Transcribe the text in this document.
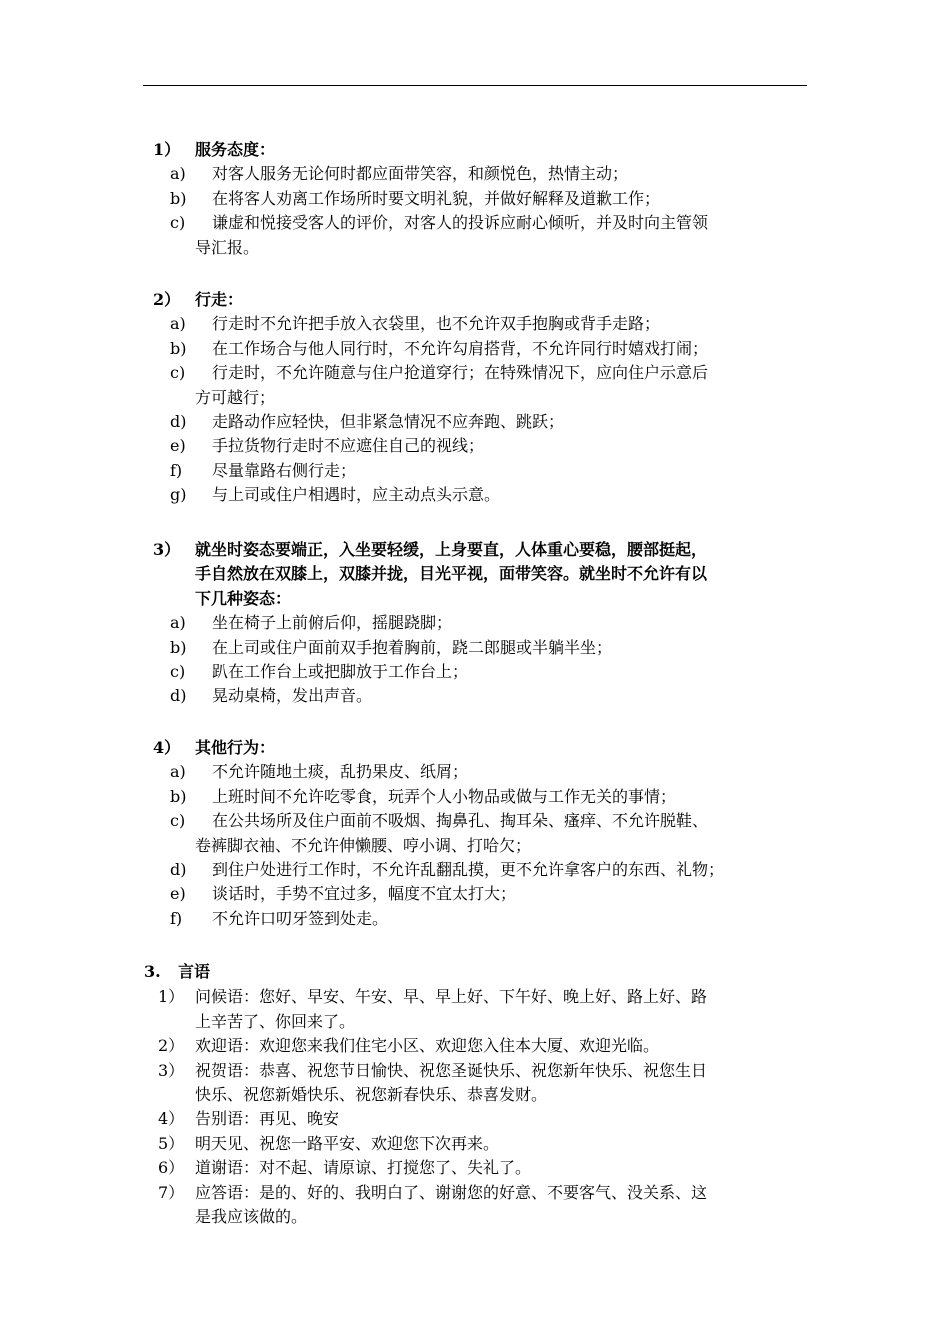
1） 服务态度：
a) 对客人服务无论何时都应面带笑容，和颜悦色，热情主动；
b) 在将客人劝离工作场所时要文明礼貌，并做好解释及道歉工作；
c) 谦虚和悦接受客人的评价，对客人的投诉应耐心倾听，并及时向主管领
导汇报。
2） 行走：
a) 行走时不允许把手放入衣袋里，也不允许双手抱胸或背手走路；
b) 在工作场合与他人同行时，不允许勾肩搭背，不允许同行时嬉戏打闹；
c) 行走时，不允许随意与住户抢道穿行；在特殊情况下，应向住户示意后
方可越行；
d) 走路动作应轻快，但非紧急情况不应奔跑、跳跃；
e) 手拉货物行走时不应遮住自己的视线；
f) 尽量靠路右侧行走；
g) 与上司或住户相遇时，应主动点头示意。
3） 就坐时姿态要端正，入坐要轻缓，上身要直，人体重心要稳，腰部挺起，
手自然放在双膝上，双膝并拢，目光平视，面带笑容。就坐时不允许有以
下几种姿态：
a) 坐在椅子上前俯后仰，摇腿跷脚；
b) 在上司或住户面前双手抱着胸前，跷二郎腿或半躺半坐；
c) 趴在工作台上或把脚放于工作台上；
d) 晃动桌椅，发出声音。
4） 其他行为：
a) 不允许随地土痰，乱扔果皮、纸屑；
b) 上班时间不允许吃零食，玩弄个人小物品或做与工作无关的事情；
c) 在公共场所及住户面前不吸烟、掏鼻孔、掏耳朵、瘙痒、不允许脱鞋、
卷裤脚衣袖、不允许伸懒腰、哼小调、打哈欠；
d) 到住户处进行工作时，不允许乱翻乱摸，更不允许拿客户的东西、礼物；
e) 谈话时，手势不宜过多，幅度不宜太打大；
f) 不允许口叨牙签到处走。
3. 言语
1） 问候语：您好、早安、午安、早、早上好、下午好、晚上好、路上好、路
上辛苦了、你回来了。
2） 欢迎语：欢迎您来我们住宅小区、欢迎您入住本大厦、欢迎光临。
3） 祝贺语：恭喜、祝您节日愉快、祝您圣诞快乐、祝您新年快乐、祝您生日
快乐、祝您新婚快乐、祝您新春快乐、恭喜发财。
4） 告别语：再见、晚安
5） 明天见、祝您一路平安、欢迎您下次再来。
6） 道谢语：对不起、请原谅、打搅您了、失礼了。
7） 应答语：是的、好的、我明白了、谢谢您的好意、不要客气、没关系、这
是我应该做的。
